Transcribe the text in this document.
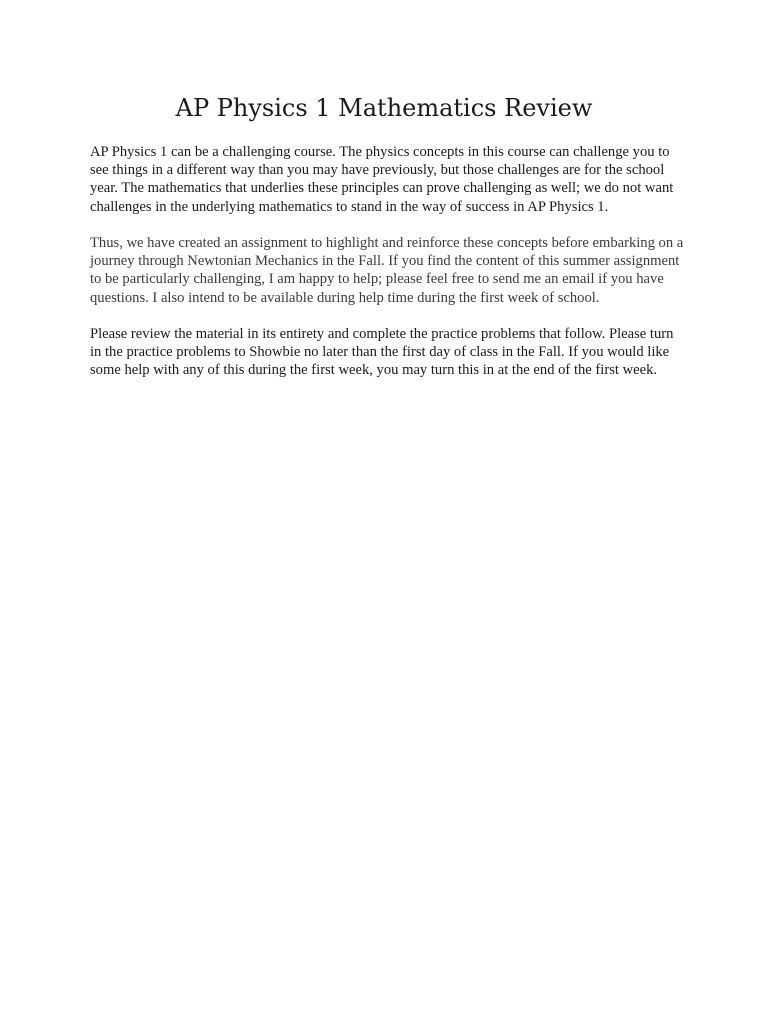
AP Physics 1 Mathematics Review

AP Physics 1 can be a challenging course. The physics concepts in this course can challenge you to see things in a different way than you may have previously, but those challenges are for the school year. The mathematics that underlies these principles can prove challenging as well; we do not want challenges in the underlying mathematics to stand in the way of success in AP Physics 1.

Thus, we have created an assignment to highlight and reinforce these concepts before embarking on a journey through Newtonian Mechanics in the Fall. If you find the content of this summer assignment to be particularly challenging, I am happy to help; please feel free to send me an email if you have questions. I also intend to be available during help time during the first week of school.

Please review the material in its entirety and complete the practice problems that follow. Please turn in the practice problems to Showbie no later than the first day of class in the Fall. If you would like some help with any of this during the first week, you may turn this in at the end of the first week.
